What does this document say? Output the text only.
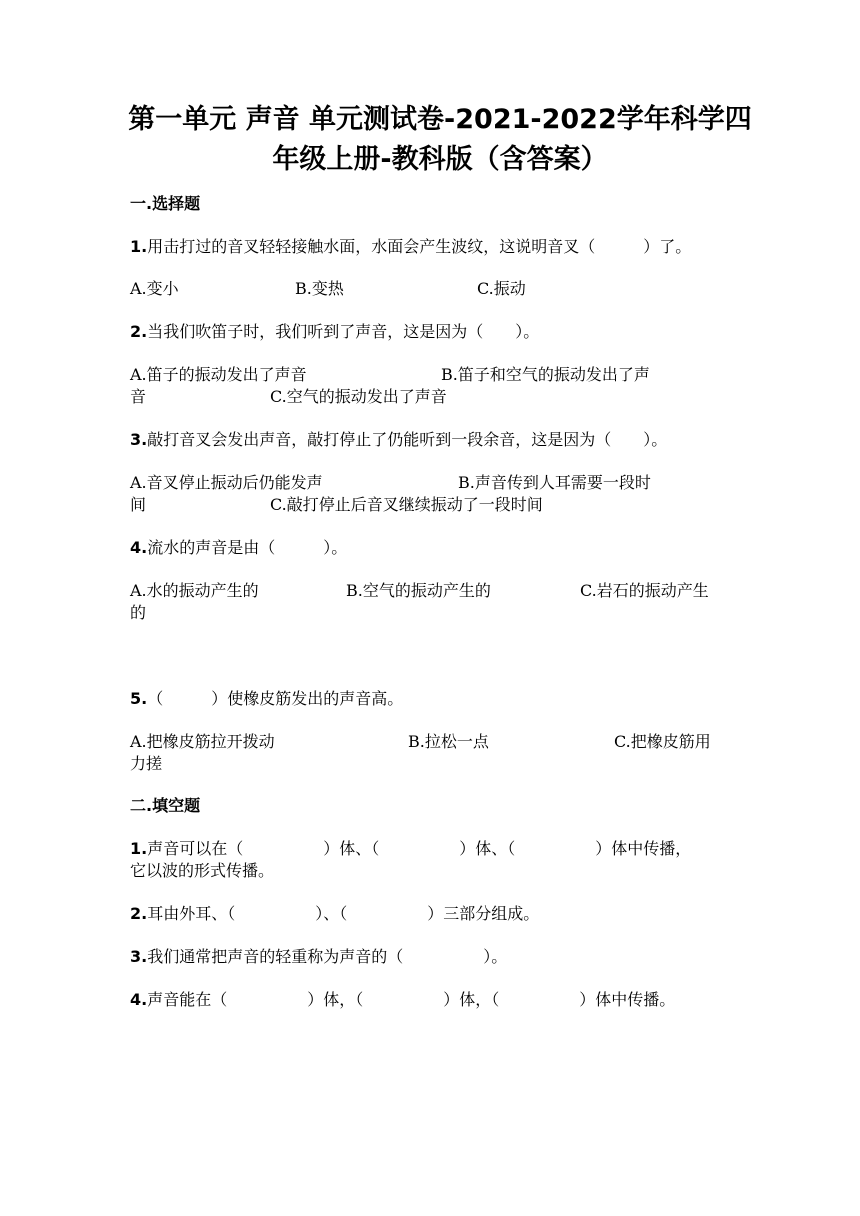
第一单元 声音 单元测试卷-2021-2022学年科学四
年级上册-教科版（含答案）
一.选择题
1.用击打过的音叉轻轻接触水面，水面会产生波纹，这说明音叉（　　　）了。
A.变小	B.变热	C.振动
2.当我们吹笛子时，我们听到了声音，这是因为（　　）。
A.笛子的振动发出了声音	B.笛子和空气的振动发出了声
音	C.空气的振动发出了声音
3.敲打音叉会发出声音，敲打停止了仍能听到一段余音，这是因为（　　）。
A.音叉停止振动后仍能发声	B.声音传到人耳需要一段时
间	C.敲打停止后音叉继续振动了一段时间
4.流水的声音是由（　　　）。
A.水的振动产生的	B.空气的振动产生的	C.岩石的振动产生
的
5.（　　　）使橡皮筋发出的声音高。
A.把橡皮筋拉开拨动	B.拉松一点	C.把橡皮筋用
力搓
二.填空题
1.声音可以在（　　　　　）体、（　　　　　）体、（　　　　　）体中传播，
它以波的形式传播。
2.耳由外耳、（　　　　　）、（　　　　　）三部分组成。
3.我们通常把声音的轻重称为声音的（　　　　　）。
4.声音能在（　　　　　）体，（　　　　　）体，（　　　　　）体中传播。
